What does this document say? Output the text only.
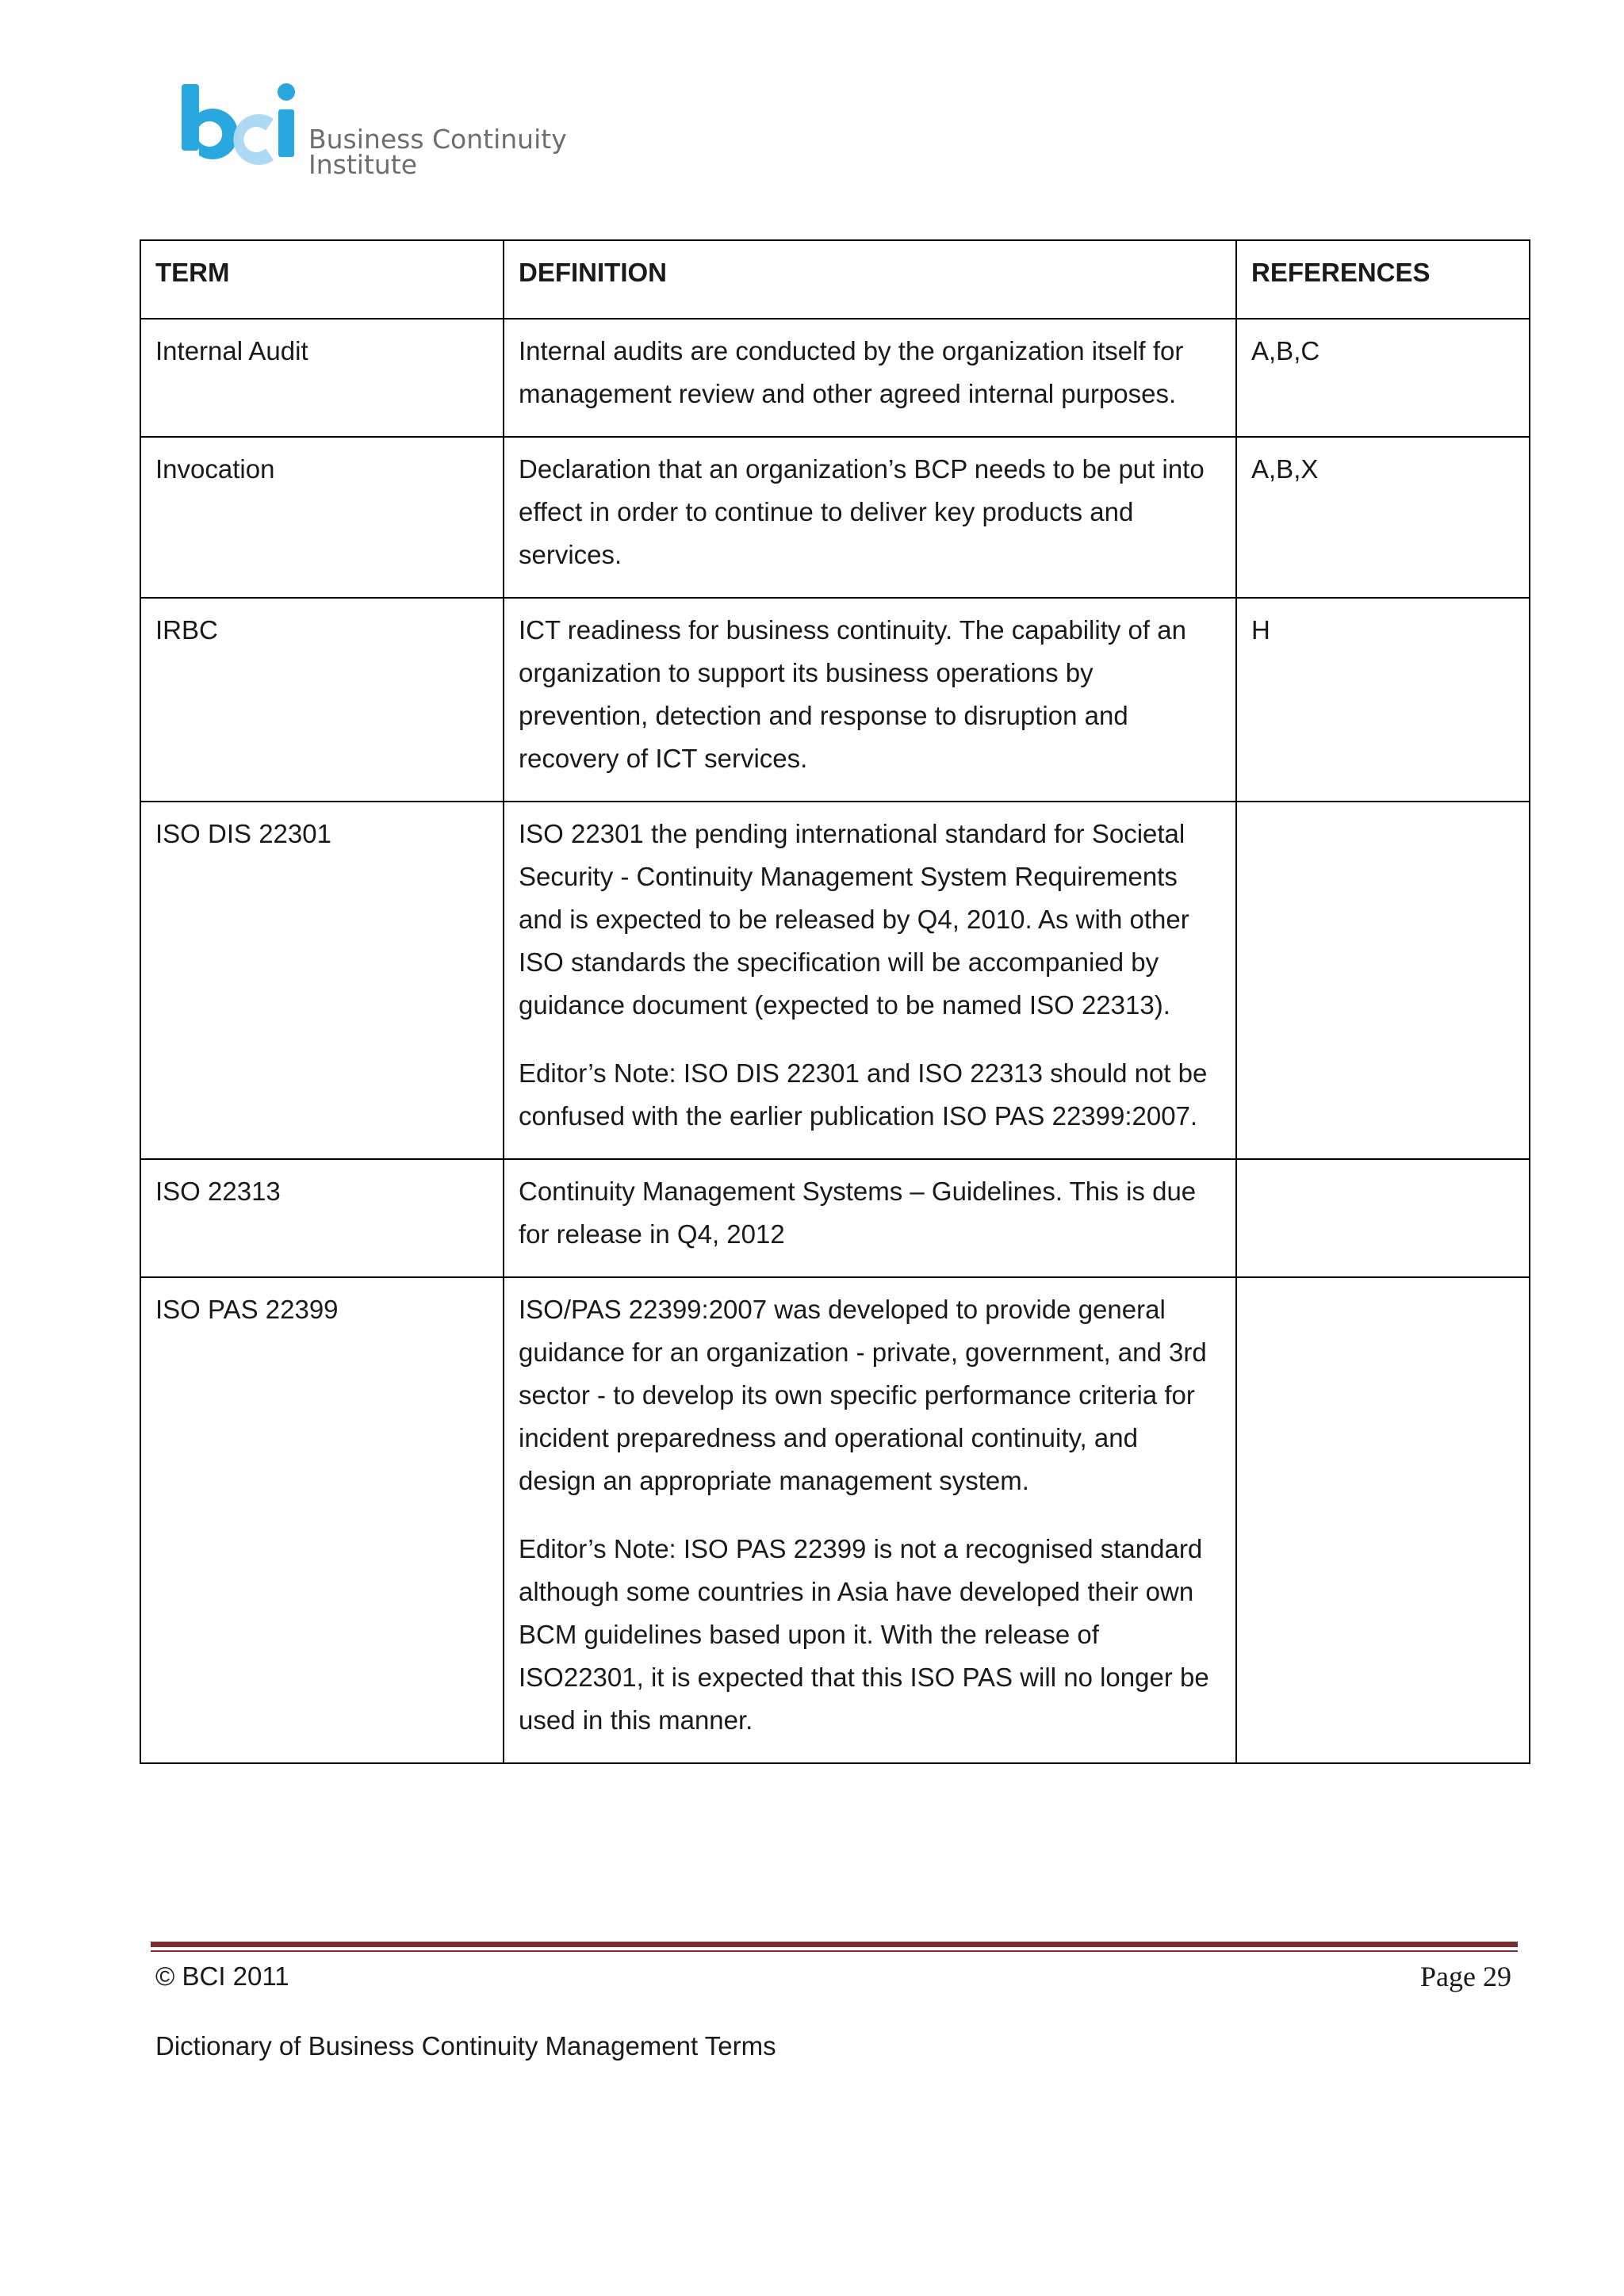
Business Continuity
Institute
TERM	DEFINITION	REFERENCES
Internal Audit	Internal audits are conducted by the organization itself for management review and other agreed internal purposes.	A,B,C
Invocation	Declaration that an organization’s BCP needs to be put into effect in order to continue to deliver key products and services.	A,B,X
IRBC	ICT readiness for business continuity. The capability of an organization to support its business operations by prevention, detection and response to disruption and recovery of ICT services.	H
ISO DIS 22301	ISO 22301 the pending international standard for Societal Security - Continuity Management System Requirements and is expected to be released by Q4, 2010. As with other ISO standards the specification will be accompanied by guidance document (expected to be named ISO 22313).

Editor’s Note: ISO DIS 22301 and ISO 22313 should not be confused with the earlier publication ISO PAS 22399:2007.	

ISO 22313	Continuity Management Systems – Guidelines. This is due for release in Q4, 2012	

ISO PAS 22399	ISO/PAS 22399:2007 was developed to provide general guidance for an organization - private, government, and 3rd sector - to develop its own specific performance criteria for incident preparedness and operational continuity, and design an appropriate management system.

Editor’s Note: ISO PAS 22399 is not a recognised standard although some countries in Asia have developed their own BCM guidelines based upon it. With the release of ISO22301, it is expected that this ISO PAS will no longer be used in this manner.	

© BCI 2011	Page 29
Dictionary of Business Continuity Management Terms
